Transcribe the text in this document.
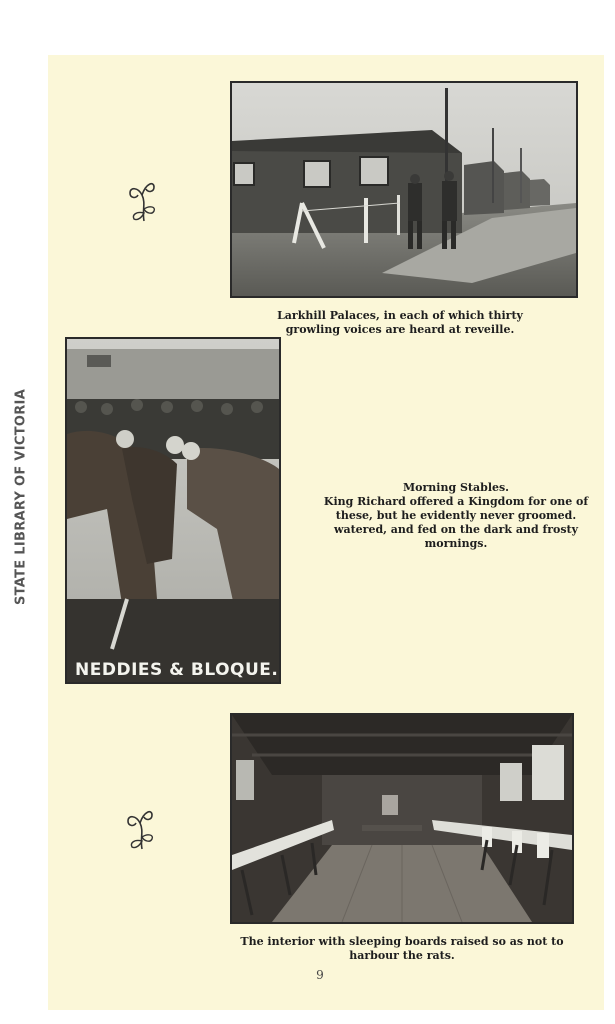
STATE LIBRARY OF VICTORIA
NEDDIES & BLOQUE.
Larkhill Palaces, in each of which thirty
growling voices are heard at reveille.
Morning Stables.
King Richard offered a Kingdom for one of
these, but he evidently never groomed.
watered, and fed on the dark and frosty
mornings.
The interior with sleeping boards raised so as not to
harbour the rats.
9
